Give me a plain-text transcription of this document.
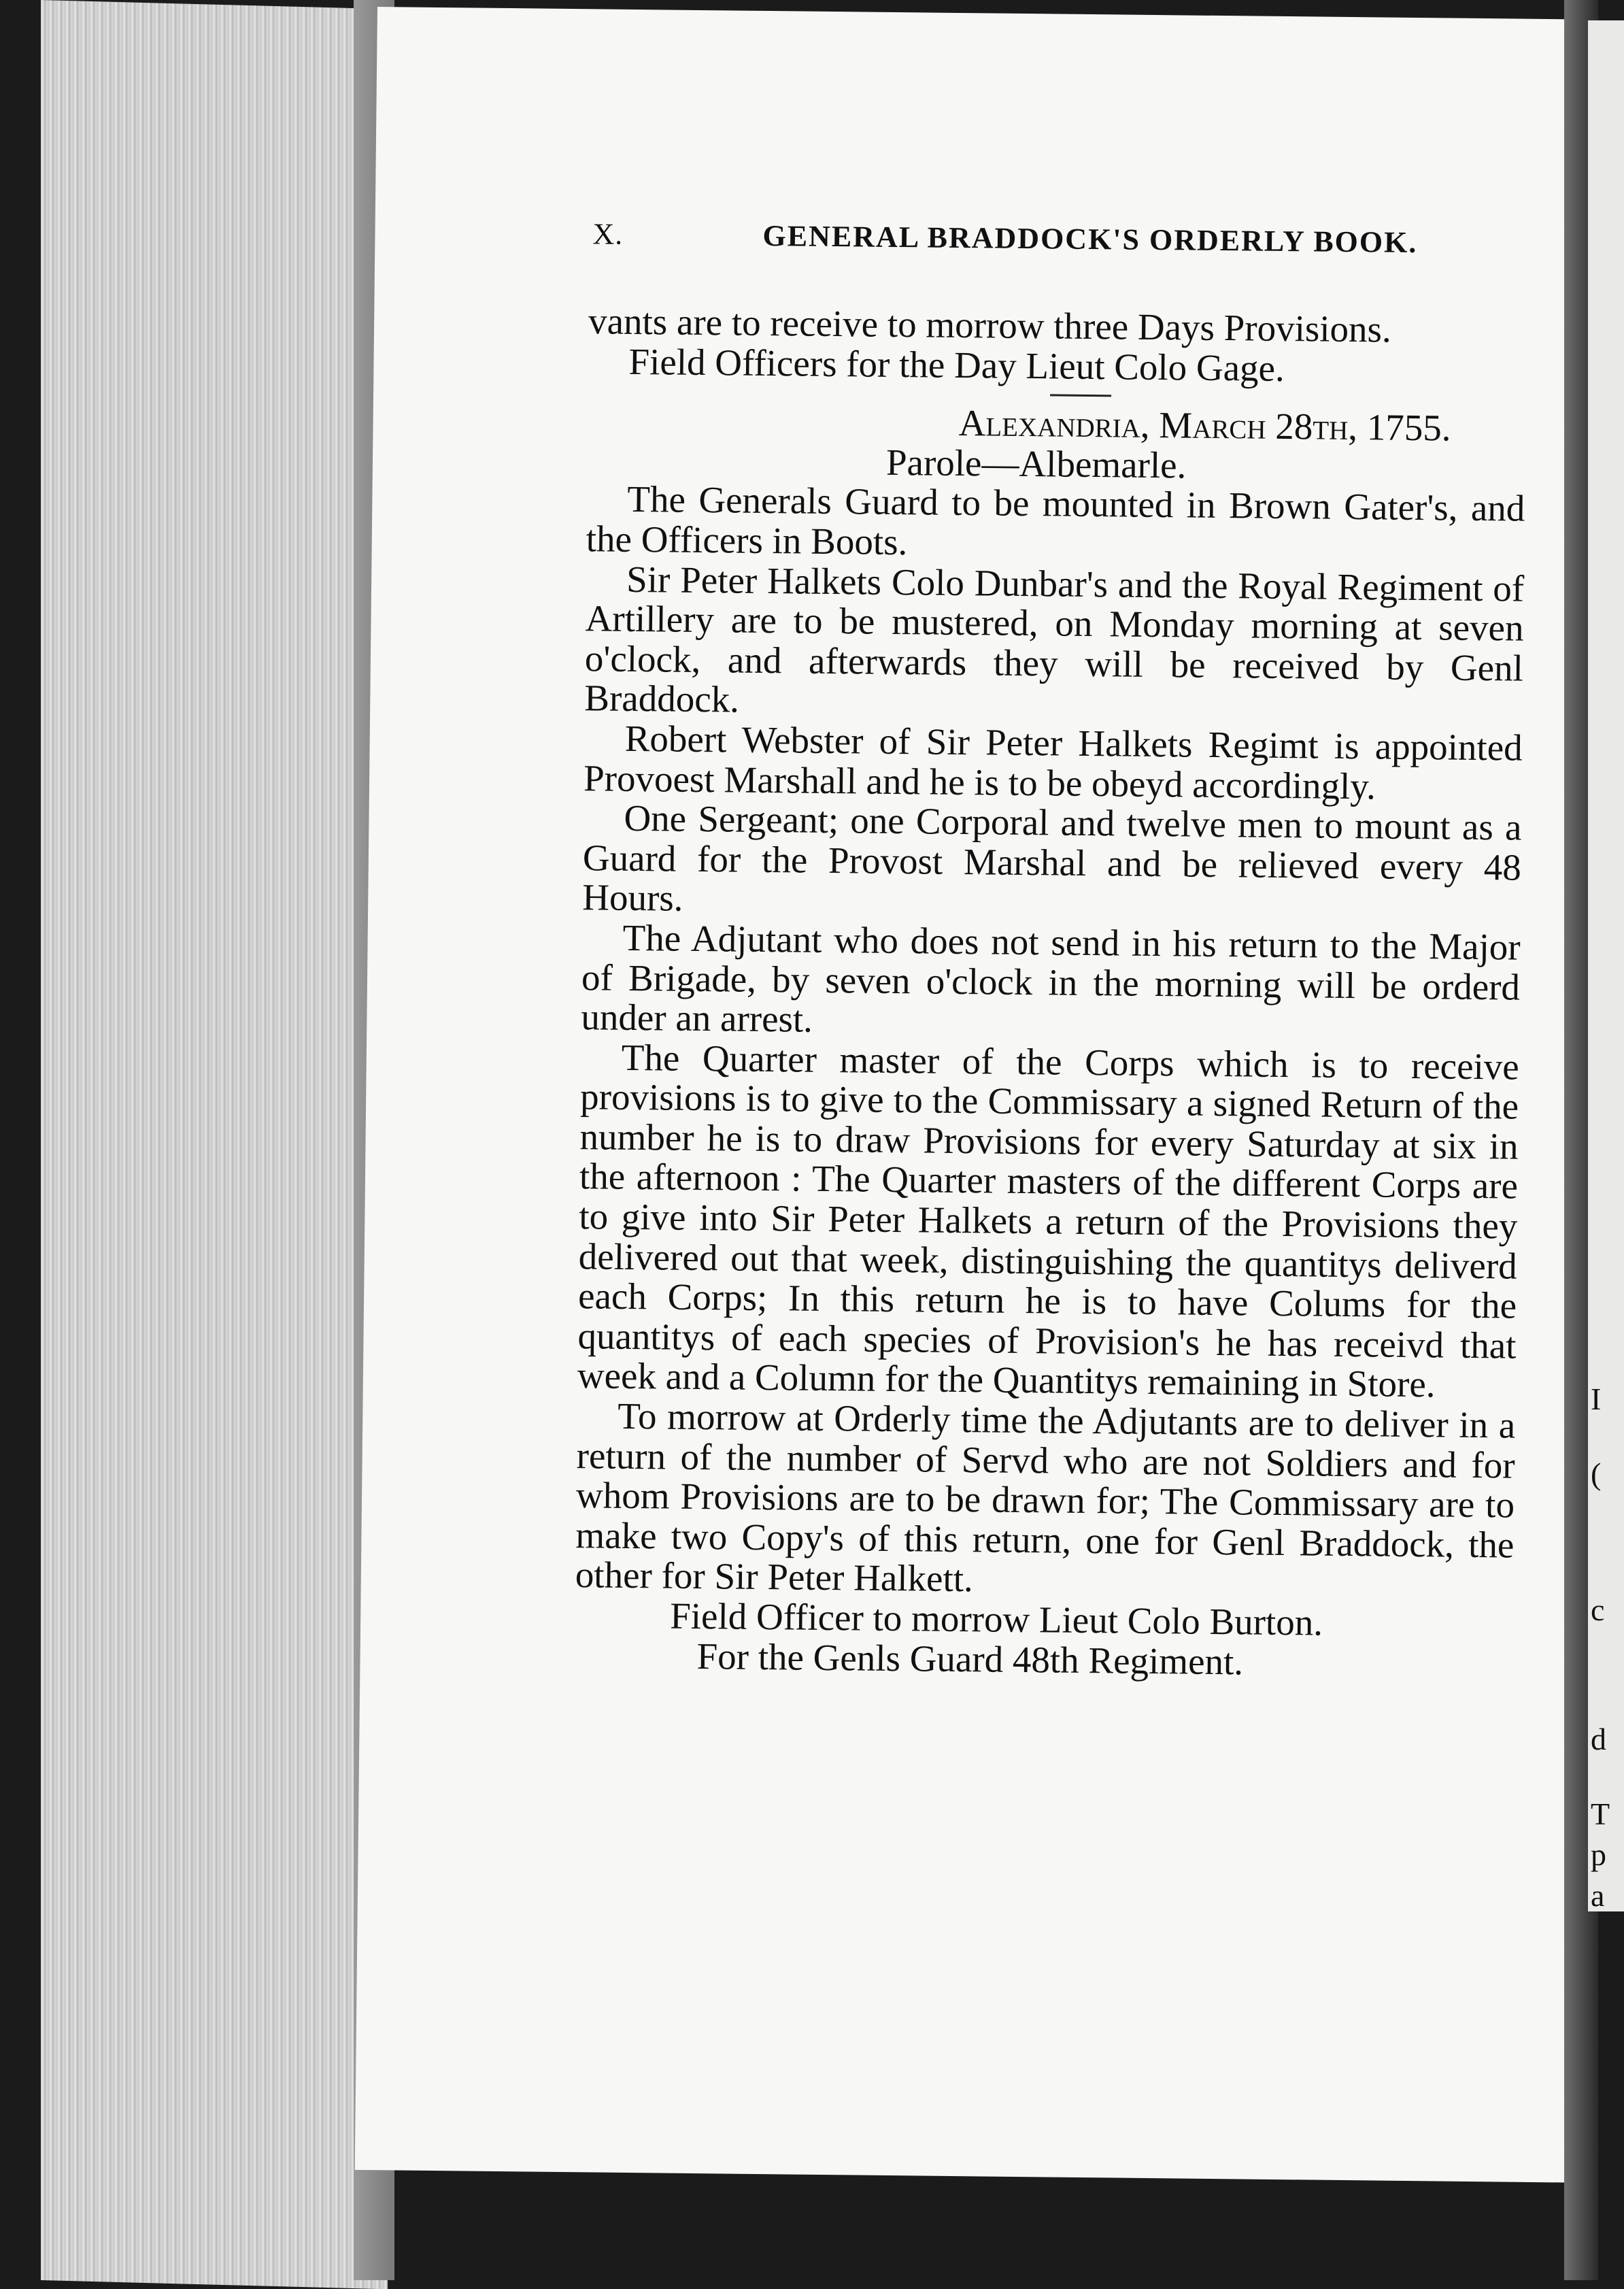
X.	GENERAL BRADDOCK'S ORDERLY BOOK.

vants are to receive to morrow three Days Provisions.

Field Officers for the Day Lieut Colo Gage.

Alexandria, March 28th, 1755.

Parole—Albemarle.

The Generals Guard to be mounted in Brown Gater's, and the Officers in Boots.

Sir Peter Halkets Colo Dunbar's and the Royal Regiment of Artillery are to be mustered, on Monday morning at seven o'clock, and afterwards they will be received by Genl Braddock.

Robert Webster of Sir Peter Halkets Regimt is appointed Provoest Marshall and he is to be obeyd accordingly.

One Sergeant; one Corporal and twelve men to mount as a Guard for the Provost Marshal and be relieved every 48 Hours.

The Adjutant who does not send in his return to the Major of Brigade, by seven o'clock in the morning will be orderd under an arrest.

The Quarter master of the Corps which is to receive provisions is to give to the Commissary a signed Return of the number he is to draw Provisions for every Saturday at six in the afternoon : The Quarter masters of the different Corps are to give into Sir Peter Halkets a return of the Provisions they delivered out that week, distinguishing the quantitys deliverd each Corps; In this return he is to have Colums for the quantitys of each species of Provision's he has receivd that week and a Column for the Quantitys remaining in Store.

To morrow at Orderly time the Adjutants are to deliver in a return of the number of Servd who are not Soldiers and for whom Provisions are to be drawn for; The Commissary are to make two Copy's of this return, one for Genl Braddock, the other for Sir Peter Halkett.

Field Officer to morrow Lieut Colo Burton.

For the Genls Guard 48th Regiment.

I
(
c
d
T
p
a
